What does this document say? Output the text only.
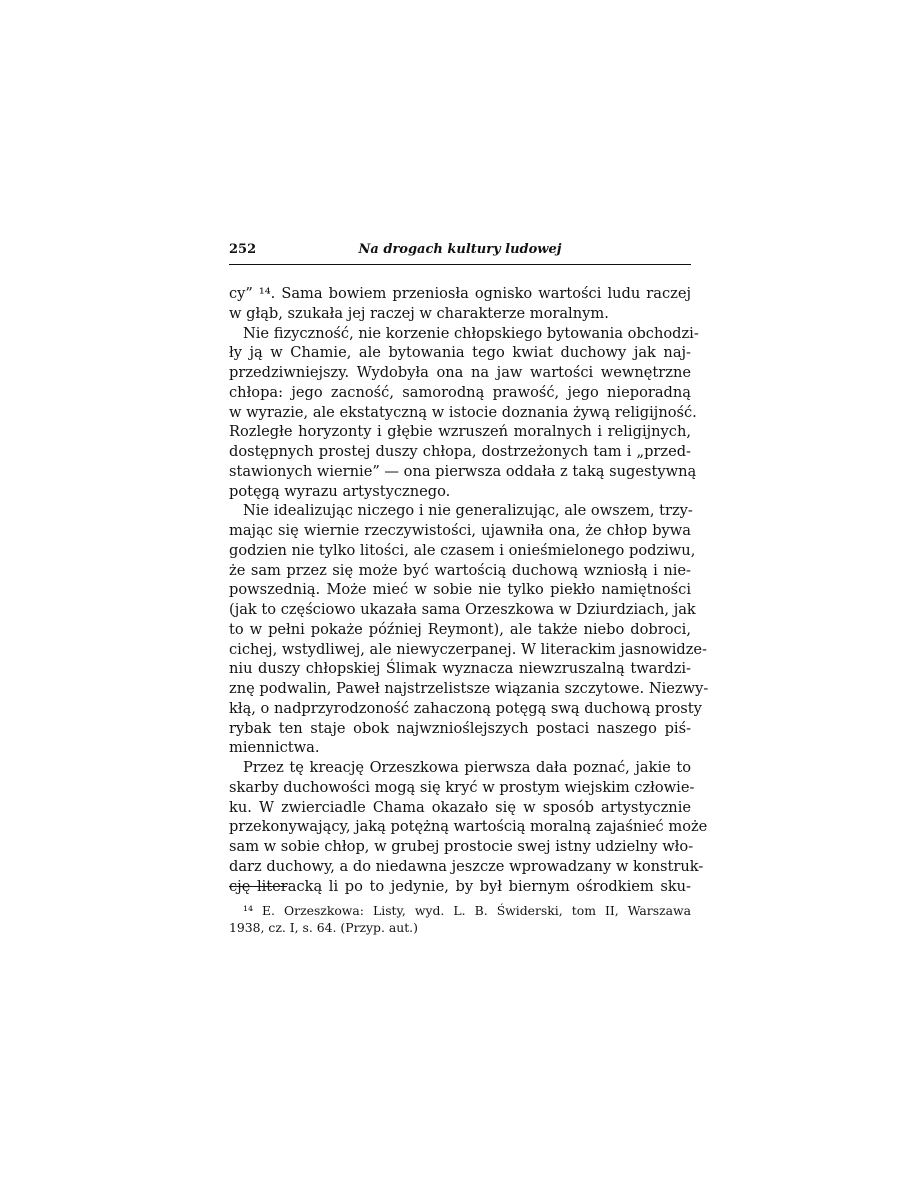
252	Na drogach kultury ludowej
cy” ¹⁴. Sama bowiem przeniosła ognisko wartości ludu raczej
w głąb, szukała jej raczej w charakterze moralnym.
Nie fizyczność, nie korzenie chłopskiego bytowania obchodzi-
ły ją w Chamie, ale bytowania tego kwiat duchowy jak naj-
przedziwniejszy. Wydobyła ona na jaw wartości wewnętrzne
chłopa: jego zacność, samorodną prawość, jego nieporadną
w wyrazie, ale ekstatyczną w istocie doznania żywą religijność.
Rozległe horyzonty i głębie wzruszeń moralnych i religijnych,
dostępnych prostej duszy chłopa, dostrzeżonych tam i „przed-
stawionych wiernie” — ona pierwsza oddała z taką sugestywną
potęgą wyrazu artystycznego.
Nie idealizując niczego i nie generalizując, ale owszem, trzy-
mając się wiernie rzeczywistości, ujawniła ona, że chłop bywa
godzien nie tylko litości, ale czasem i onieśmielonego podziwu,
że sam przez się może być wartością duchową wzniosłą i nie-
powszednią. Może mieć w sobie nie tylko piekło namiętności
(jak to częściowo ukazała sama Orzeszkowa w Dziurdziach, jak
to w pełni pokaże później Reymont), ale także niebo dobroci,
cichej, wstydliwej, ale niewyczerpanej. W literackim jasnowidze-
niu duszy chłopskiej Ślimak wyznacza niewzruszalną twardzi-
znę podwalin, Paweł najstrzelistsze wiązania szczytowe. Niezwy-
kłą, o nadprzyrodzoność zahaczoną potęgą swą duchową prosty
rybak ten staje obok najwznioślejszych postaci naszego piś-
miennictwa.
Przez tę kreację Orzeszkowa pierwsza dała poznać, jakie to
skarby duchowości mogą się kryć w prostym wiejskim człowie-
ku. W zwierciadle Chama okazało się w sposób artystycznie
przekonywający, jaką potężną wartością moralną zajaśnieć może
sam w sobie chłop, w grubej prostocie swej istny udzielny wło-
darz duchowy, a do niedawna jeszcze wprowadzany w konstruk-
cję literacką li po to jedynie, by był biernym ośrodkiem sku-
¹⁴ E. Orzeszkowa: Listy, wyd. L. B. Świderski, tom II, Warszawa
1938, cz. I, s. 64. (Przyp. aut.)
